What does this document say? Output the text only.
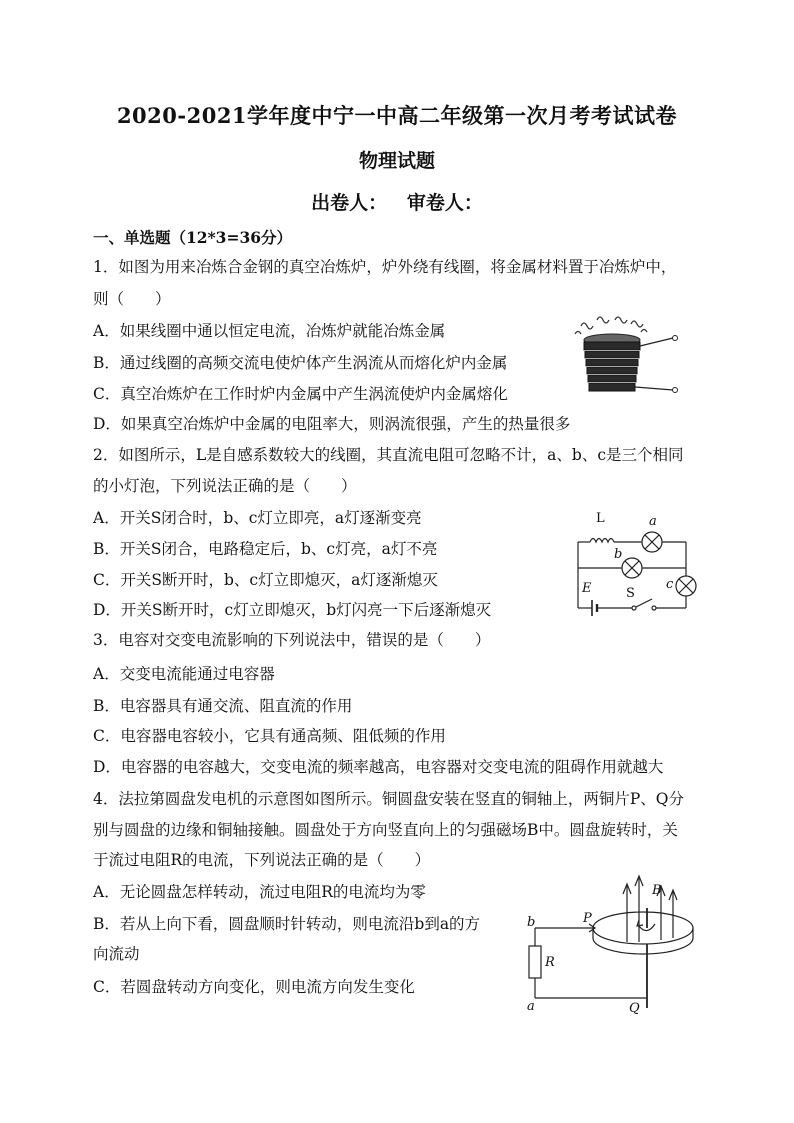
2020-2021学年度中宁一中高二年级第一次月考考试试卷
物理试题
出卷人：   审卷人：
一、单选题（12*3=36分）
1．如图为用来冶炼合金钢的真空冶炼炉，炉外绕有线圈，将金属材料置于冶炼炉中，
则（　　）
A．如果线圈中通以恒定电流，冶炼炉就能冶炼金属
B．通过线圈的高频交流电使炉体产生涡流从而熔化炉内金属
C．真空冶炼炉在工作时炉内金属中产生涡流使炉内金属熔化
D．如果真空冶炼炉中金属的电阻率大，则涡流很强，产生的热量很多
2．如图所示，L是自感系数较大的线圈，其直流电阻可忽略不计，a、b、c是三个相同
的小灯泡，下列说法正确的是（　　）
A．开关S闭合时，b、c灯立即亮，a灯逐渐变亮
B．开关S闭合，电路稳定后，b、c灯亮，a灯不亮
C．开关S断开时，b、c灯立即熄灭，a灯逐渐熄灭
D．开关S断开时，c灯立即熄灭，b灯闪亮一下后逐渐熄灭
L	a
b
c
E	S
3．电容对交变电流影响的下列说法中，错误的是（　　）
A．交变电流能通过电容器
B．电容器具有通交流、阻直流的作用
C．电容器电容较小，它具有通高频、阻低频的作用
D．电容器的电容越大，交变电流的频率越高，电容器对交变电流的阻碍作用就越大
4．法拉第圆盘发电机的示意图如图所示。铜圆盘安装在竖直的铜轴上，两铜片P、Q分
别与圆盘的边缘和铜轴接触。圆盘处于方向竖直向上的匀强磁场B中。圆盘旋转时，关
于流过电阻R的电流，下列说法正确的是（　　）
A．无论圆盘怎样转动，流过电阻R的电流均为零
B．若从上向下看，圆盘顺时针转动，则电流沿b到a的方
向流动
C．若圆盘转动方向变化，则电流方向发生变化
B
P
Q
R
a
b
